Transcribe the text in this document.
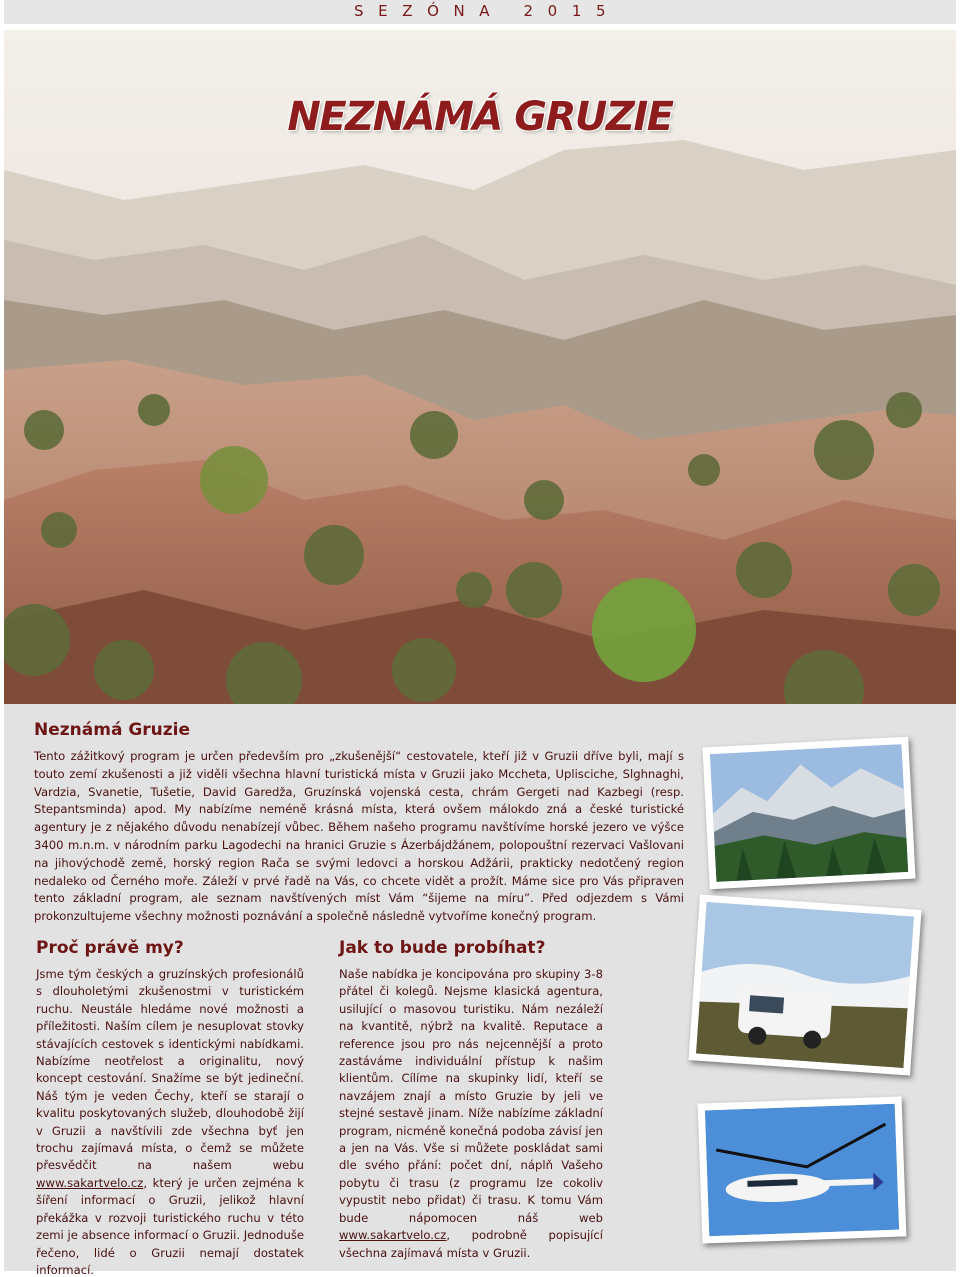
SEZÓNA 2015
NEZNÁMÁ GRUZIE
Neznámá Gruzie

Tento zážitkový program je určen především pro „zkušenější“ cestovatele, kteří již v Gruzii dříve byli, mají s touto zemí zkušenosti a již viděli všechna hlavní turistická místa v Gruzii jako Mccheta, Uplisciche, Slghnaghi, Vardzia, Svanetie, Tušetie, David Garedža, Gruzínská vojenská cesta, chrám Gergeti nad Kazbegi (resp. Stepantsminda) apod. My nabízíme neméně krásná místa, která ovšem málokdo zná a české turistické agentury je z nějakého důvodu nenabízejí vůbec. Během našeho programu navštívíme horské jezero ve výšce 3400 m.n.m. v národním parku Lagodechi na hranici Gruzie s Ázerbájdžánem, polopouštní rezervaci Vašlovani na jihovýchodě země, horský region Rača se svými ledovci a horskou Adžárii, prakticky nedotčený region nedaleko od Černého moře. Záleží v prvé řadě na Vás, co chcete vidět a prožít. Máme sice pro Vás připraven tento základní program, ale seznam navštívených míst Vám “šijeme na míru”. Před odjezdem s Vámi prokonzultujeme všechny možnosti poznávání a společně následně vytvoříme konečný program.

Proč právě my?

Jsme tým českých a gruzínských profesionálů s dlouholetými zkušenostmi v turistickém ruchu. Neustále hledáme nové možnosti a příležitosti. Naším cílem je nesuplovat stovky stávajících cestovek s identickými nabídkami. Nabízíme neotřelost a originalitu, nový koncept cestování. Snažíme se být jedineční. Náš tým je veden Čechy, kteří se starají o kvalitu poskytovaných služeb, dlouhodobě žijí v Gruzii a navštívili zde všechna byť jen trochu zajímavá místa, o čemž se můžete přesvědčit na našem webu www.sakartvelo.cz, který je určen zejména k šíření informací o Gruzii, jelikož hlavní překážka v rozvoji turistického ruchu v této zemi je absence informací o Gruzii. Jednoduše řečeno, lidé o Gruzii nemají dostatek informací.

Jak to bude probíhat?

Naše nabídka je koncipována pro skupiny 3-8 přátel či kolegů. Nejsme klasická agentura, usilující o masovou turistiku. Nám nezáleží na kvantitě, nýbrž na kvalitě. Reputace a reference jsou pro nás nejcennější a proto zastáváme individuální přístup k našim klientům. Cílíme na skupinky lidí, kteří se navzájem znají a místo Gruzie by jeli ve stejné sestavě jinam. Níže nabízíme základní program, nicméně konečná podoba závisí jen a jen na Vás. Vše si můžete poskládat sami dle svého přání: počet dní, náplň Vašeho pobytu či trasu (z programu lze cokoliv vypustit nebo přidat) či trasu. K tomu Vám bude nápomocen náš web www.sakartvelo.cz, podrobně popisující všechna zajímavá místa v Gruzii.
